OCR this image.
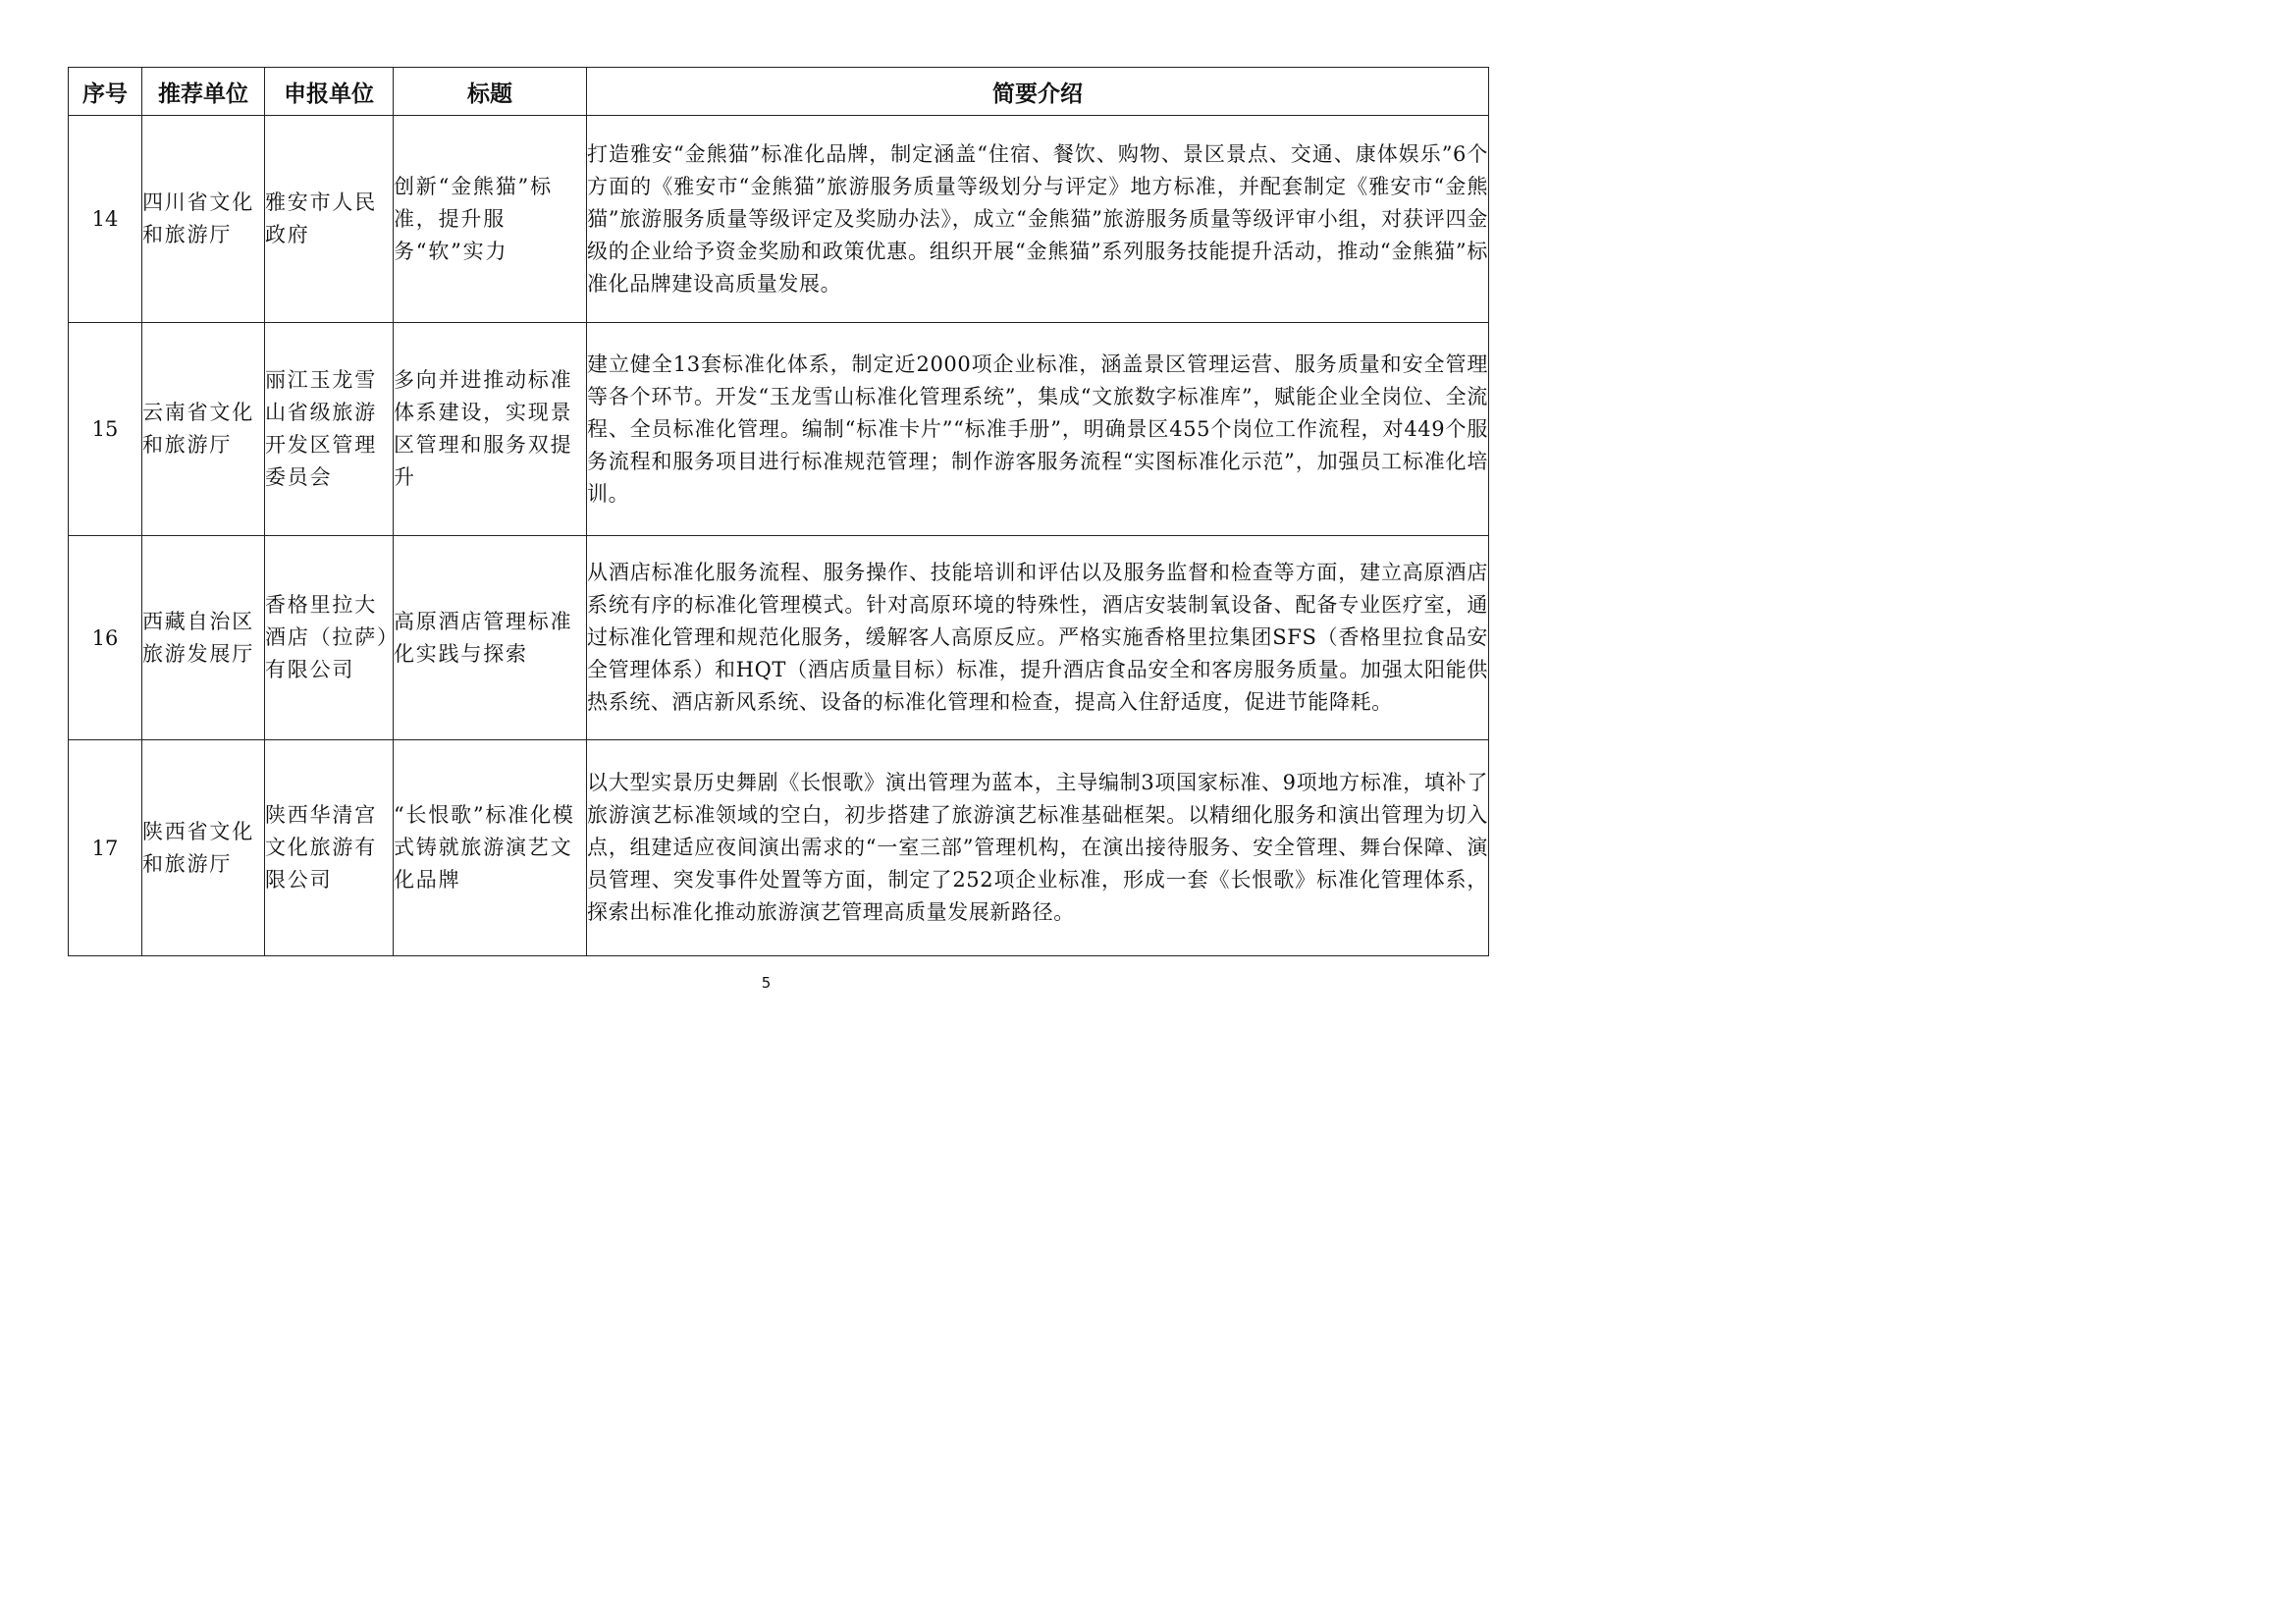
序号	推荐单位	申报单位	标题	简要介绍
14	四川省文化和旅游厅	雅安市人民政府	创新“金熊猫”标准，提升服务“软”实力	打造雅安“金熊猫”标准化品牌，制定涵盖“住宿、餐饮、购物、景区景点、交通、康体娱乐”6个方面的《雅安市“金熊猫”旅游服务质量等级划分与评定》地方标准，并配套制定《雅安市“金熊猫”旅游服务质量等级评定及奖励办法》，成立“金熊猫”旅游服务质量等级评审小组，对获评四金级的企业给予资金奖励和政策优惠。组织开展“金熊猫”系列服务技能提升活动，推动“金熊猫”标准化品牌建设高质量发展。
15	云南省文化和旅游厅	丽江玉龙雪山省级旅游开发区管理委员会	多向并进推动标准体系建设，实现景区管理和服务双提升	建立健全13套标准化体系，制定近2000项企业标准，涵盖景区管理运营、服务质量和安全管理等各个环节。开发“玉龙雪山标准化管理系统”，集成“文旅数字标准库”，赋能企业全岗位、全流程、全员标准化管理。编制“标准卡片”“标准手册”，明确景区455个岗位工作流程，对449个服务流程和服务项目进行标准规范管理；制作游客服务流程“实图标准化示范”，加强员工标准化培训。
16	西藏自治区旅游发展厅	香格里拉大酒店（拉萨）有限公司	高原酒店管理标准化实践与探索	从酒店标准化服务流程、服务操作、技能培训和评估以及服务监督和检查等方面，建立高原酒店系统有序的标准化管理模式。针对高原环境的特殊性，酒店安装制氧设备、配备专业医疗室，通过标准化管理和规范化服务，缓解客人高原反应。严格实施香格里拉集团SFS（香格里拉食品安全管理体系）和HQT（酒店质量目标）标准，提升酒店食品安全和客房服务质量。加强太阳能供热系统、酒店新风系统、设备的标准化管理和检查，提高入住舒适度，促进节能降耗。
17	陕西省文化和旅游厅	陕西华清宫文化旅游有限公司	“长恨歌”标准化模式铸就旅游演艺文化品牌	以大型实景历史舞剧《长恨歌》演出管理为蓝本，主导编制3项国家标准、9项地方标准，填补了旅游演艺标准领域的空白，初步搭建了旅游演艺标准基础框架。以精细化服务和演出管理为切入点，组建适应夜间演出需求的“一室三部”管理机构，在演出接待服务、安全管理、舞台保障、演员管理、突发事件处置等方面，制定了252项企业标准，形成一套《长恨歌》标准化管理体系，探索出标准化推动旅游演艺管理高质量发展新路径。
5
